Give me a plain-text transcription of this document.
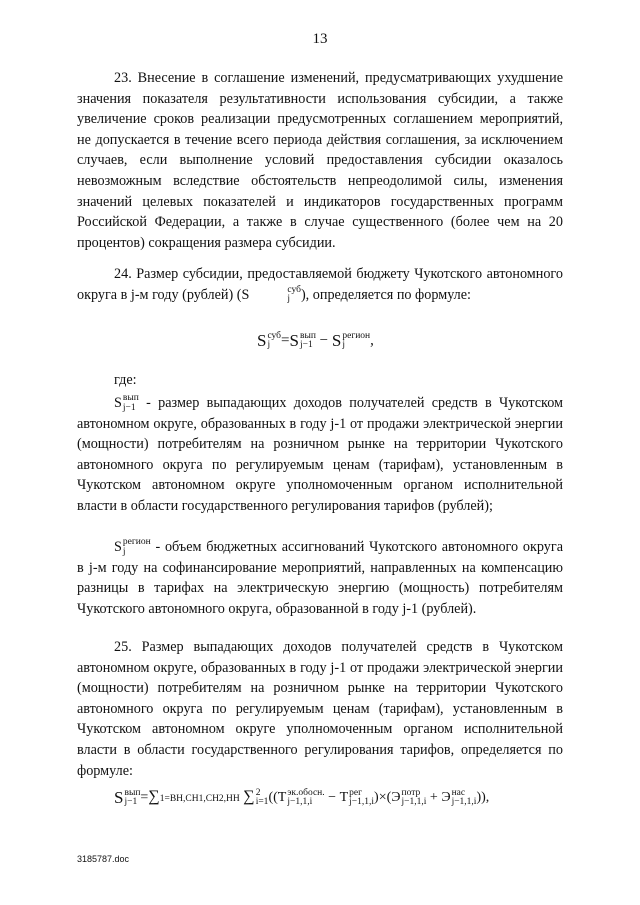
13

23. Внесение в соглашение изменений, предусматривающих ухудшение значения показателя результативности использования субсидии, а также увеличение сроков реализации предусмотренных соглашением мероприятий, не допускается в течение всего периода действия соглашения, за исключением случаев, если выполнение условий предоставления субсидии оказалось невозможным вследствие обстоятельств непреодолимой силы, изменения значений целевых показателей и индикаторов государственных программ Российской Федерации, а также в случае существенного (более чем на 20 процентов) сокращения размера субсидии.

24. Размер субсидии, предоставляемой бюджету Чукотского автономного округа в j-м году (рублей) (S	суб
j ), определяется по формуле:

S суб
j =S вып
j−1 − S регион
j	,
где:
S вып
j−1 - размер выпадающих доходов получателей средств в Чукотском автономном округе, образованных в году j-1 от продажи электрической энергии (мощности) потребителям на розничном рынке на территории Чукотского автономного округа по регулируемым ценам (тарифам), установленным в Чукотском автономном округе уполномоченным органом исполнительной власти в области государственного регулирования тарифов (рублей);
S регион
j	- объем бюджетных ассигнований Чукотского автономного округа в j-м году на софинансирование мероприятий, направленных на компенсацию разницы в тарифах на электрическую энергию (мощность) потребителям Чукотского автономного округа, образованной в году j-1 (рублей).

25. Размер выпадающих доходов получателей средств в Чукотском автономном округе, образованных в году j-1 от продажи электрической энергии (мощности) потребителям на розничном рынке на территории Чукотского автономного округа по регулируемым ценам (тарифам), установленным в Чукотском автономном округе уполномоченным органом исполнительной власти в области государственного регулирования тарифов, определяется по формуле:

S вып
j−1 =∑1=ВН,СН1,СН2,НН ∑ 2
i=1 ((Т эк.обосн.
j−1,1,i	− Т рег
j−1,1,i )×(Э потр
j−1,1,i + Э нас
j−1,1,i )),
3185787.doc
